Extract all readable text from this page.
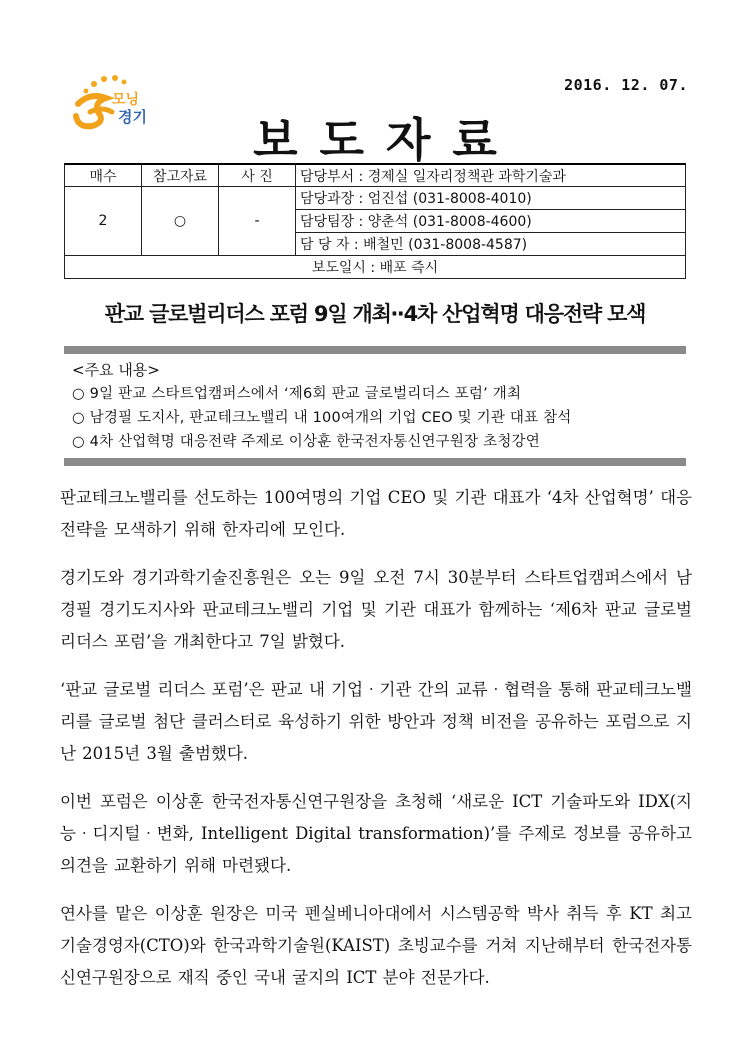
모닝
경기
2016. 12. 07.
보도자료
매수	참고자료	사 진	담당부서 : 경제실 일자리정책관 과학기술과
2	○	-	담당과장 : 엄진섭 (031-8008-4010)
			담당팀장 : 양춘석 (031-8008-4600)
			담 당 자 : 배철민 (031-8008-4587)
보도일시 : 배포 즉시			
판교 글로벌리더스 포럼 9일 개최‧·4차 산업혁명 대응전략 모색
<주요 내용>
○ 9일 판교 스타트업캠퍼스에서 ‘제6회 판교 글로벌리더스 포럼’ 개최
○ 남경필 도지사, 판교테크노밸리 내 100여개의 기업 CEO 및 기관 대표 참석
○ 4차 산업혁명 대응전략 주제로 이상훈 한국전자통신연구원장 초청강연

판교테크노밸리를 선도하는 100여명의 기업 CEO 및 기관 대표가 ‘4차 산업혁명’ 대응 전략을 모색하기 위해 한자리에 모인다.

경기도와 경기과학기술진흥원은 오는 9일 오전 7시 30분부터 스타트업캠퍼스에서 남경필 경기도지사와 판교테크노밸리 기업 및 기관 대표가 함께하는 ‘제6차 판교 글로벌 리더스 포럼’을 개최한다고 7일 밝혔다.

‘판교 글로벌 리더스 포럼’은 판교 내 기업‧기관 간의 교류‧협력을 통해 판교테크노밸리를 글로벌 첨단 클러스터로 육성하기 위한 방안과 정책 비전을 공유하는 포럼으로 지난 2015년 3월 출범했다.

이번 포럼은 이상훈 한국전자통신연구원장을 초청해 ‘새로운 ICT 기술파도와 IDX(지능‧디지털‧변화, Intelligent Digital transformation)’를 주제로 정보를 공유하고 의견을 교환하기 위해 마련됐다.

연사를 맡은 이상훈 원장은 미국 펜실베니아대에서 시스템공학 박사 취득 후 KT 최고기술경영자(CTO)와 한국과학기술원(KAIST) 초빙교수를 거쳐 지난해부터 한국전자통신연구원장으로 재직 중인 국내 굴지의 ICT 분야 전문가다.
